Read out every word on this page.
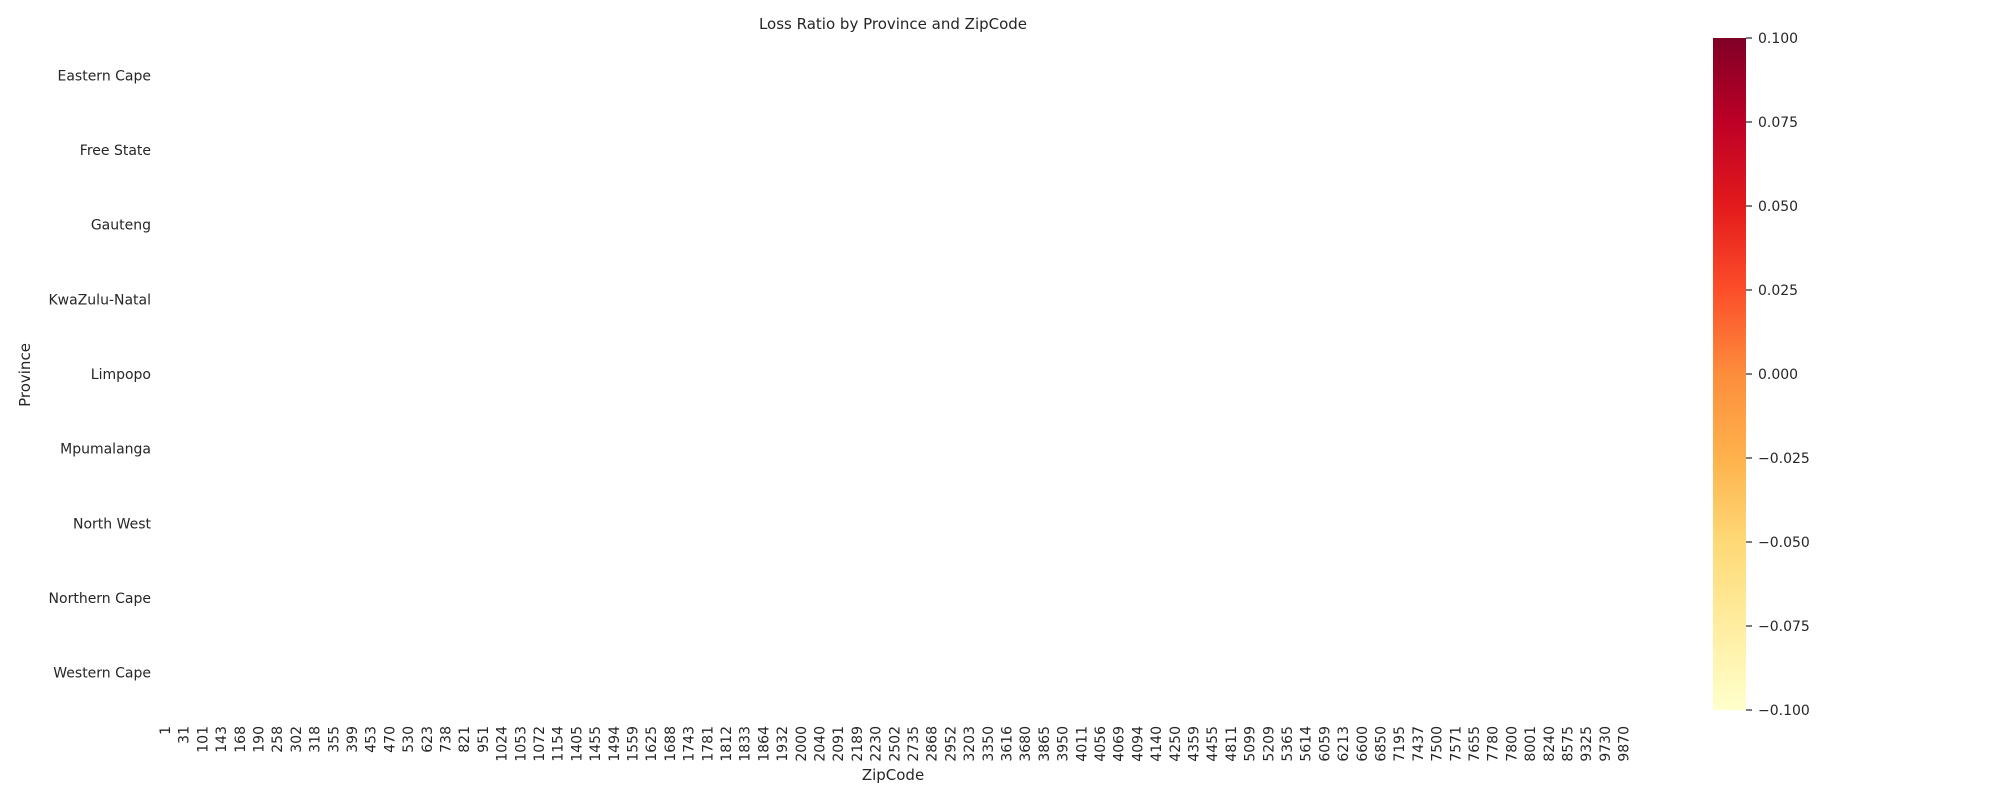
Loss Ratio by Province and ZipCode
ZipCode
Province
Eastern Cape
Free State
Gauteng
KwaZulu-Natal
Limpopo
Mpumalanga
North West
Northern Cape
Western Cape
1 31 101 143 168 190 258 302 318 355 399 453 470 530 623 738 821 951 1024 1053 1072 1154 1405 1455 1494 1559 1625 1688 1743 1781 1812 1833 1864 1932 2000 2040 2091 2189 2230 2502 2735 2868 2952 3203 3350 3616 3680 3865 3950 4011 4056 4069 4094 4140 4250 4359 4455 4811 5099 5209 5365 5614 6059 6213 6600 6850 7195 7437 7500 7571 7655 7780 7800 8001 8240 8575 9325 9730 9870
0.100
0.075
0.050
0.025
0.000
−0.025
−0.050
−0.075
−0.100
